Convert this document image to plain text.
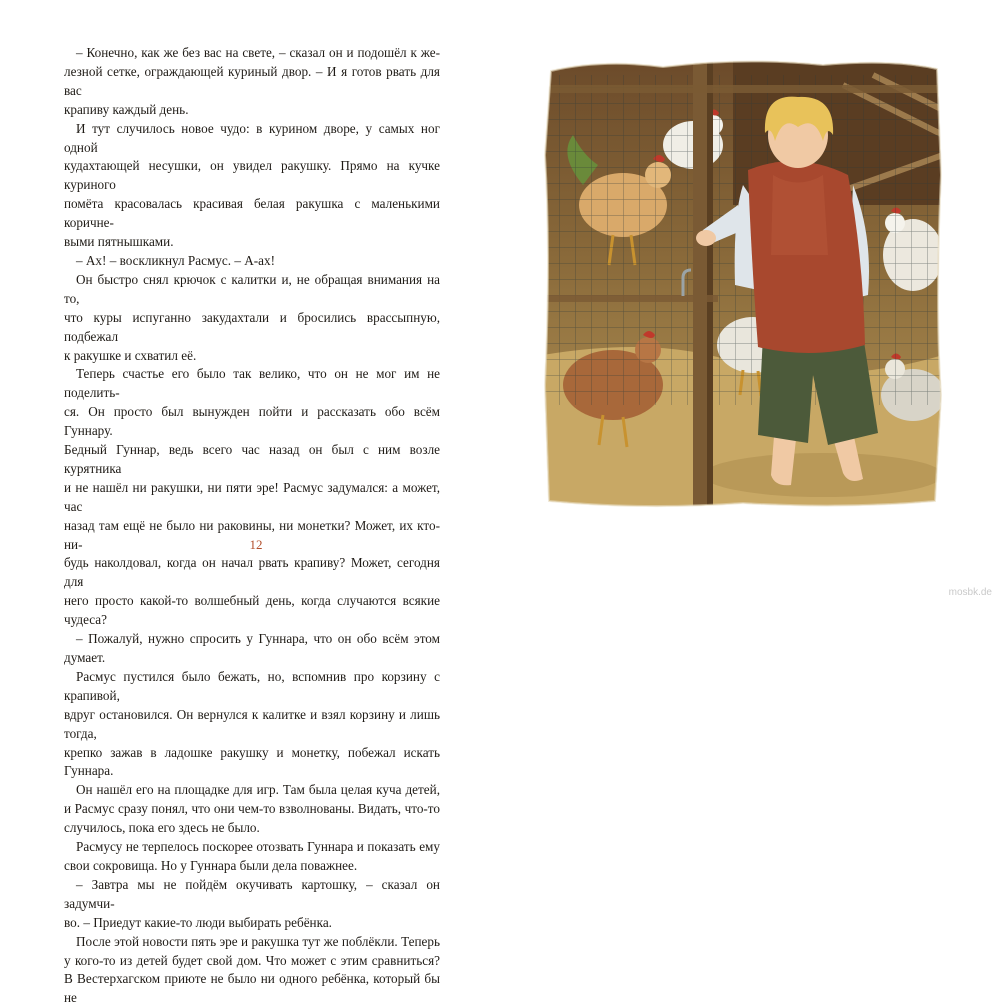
– Конечно, как же без вас на свете, – сказал он и подошёл к же-

лезной сетке, ограждающей куриный двор. – И я готов рвать для вас

крапиву каждый день.

И тут случилось новое чудо: в курином дворе, у самых ног одной

кудахтающей несушки, он увидел ракушку. Прямо на кучке куриного

помёта красовалась красивая белая ракушка с маленькими коричне-

выми пятнышками.

– Ах! – воскликнул Расмус. – А-ах!

Он быстро снял крючок с калитки и, не обращая внимания на то,

что куры испуганно закудахтали и бросились врассыпную, подбежал

к ракушке и схватил её.

Теперь счастье его было так велико, что он не мог им не поделить-

ся. Он просто был вынужден пойти и рассказать обо всём Гуннару.

Бедный Гуннар, ведь всего час назад он был с ним возле курятника

и не нашёл ни ракушки, ни пяти эре! Расмус задумался: а может, час

назад там ещё не было ни раковины, ни монетки? Может, их кто-ни-

будь наколдовал, когда он начал рвать крапиву? Может, сегодня для

него просто какой-то волшебный день, когда случаются всякие чудеса?

– Пожалуй, нужно спросить у Гуннара, что он обо всём этом думает.

Расмус пустился было бежать, но, вспомнив про корзину с крапивой,

вдруг остановился. Он вернулся к калитке и взял корзину и лишь тогда,

крепко зажав в ладошке ракушку и монетку, побежал искать Гуннара.

Он нашёл его на площадке для игр. Там была целая куча детей,

и Расмус сразу понял, что они чем-то взволнованы. Видать, что-то

случилось, пока его здесь не было.

Расмусу не терпелось поскорее отозвать Гуннара и показать ему

свои сокровища. Но у Гуннара были дела поважнее.

– Завтра мы не пойдём окучивать картошку, – сказал он задумчи-

во. – Приедут какие-то люди выбирать ребёнка.

После этой новости пять эре и ракушка тут же поблёкли. Теперь

у кого-то из детей будет свой дом. Что может с этим сравниться?

В Вестерхагском приюте не было ни одного ребёнка, который бы не

12
mosbk.de
